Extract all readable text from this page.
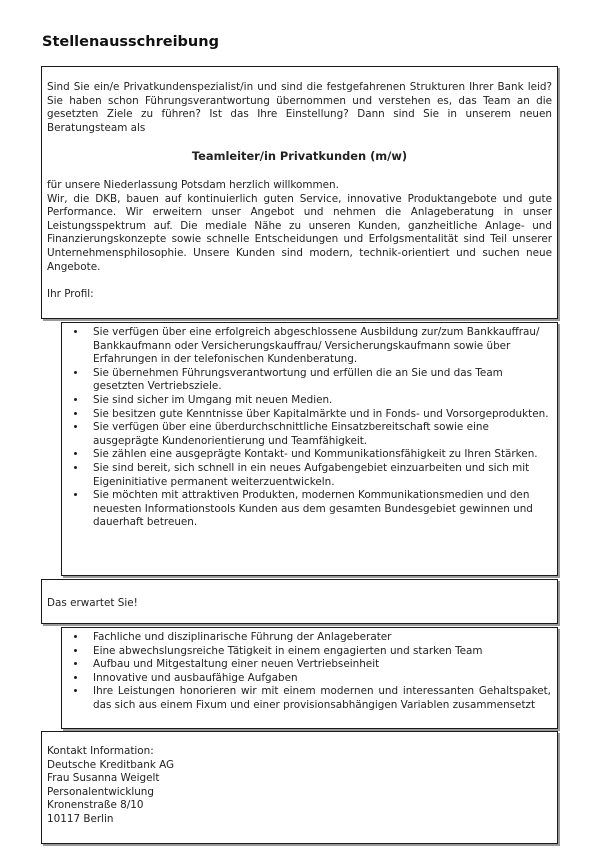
Stellenausschreibung

Sind Sie ein/e Privatkundenspezialist/in und sind die festgefahrenen Strukturen Ihrer Bank leid? Sie haben schon Führungsverantwortung übernommen und verstehen es, das Team an die gesetzten Ziele zu führen? Ist das Ihre Einstellung? Dann sind Sie in unserem neuen Beratungsteam als

Teamleiter/in Privatkunden (m/w)

für unsere Niederlassung Potsdam herzlich willkommen.

Wir, die DKB, bauen auf kontinuierlich guten Service, innovative Produktangebote und gute Performance. Wir erweitern unser Angebot und nehmen die Anlageberatung in unser Leistungsspektrum auf. Die mediale Nähe zu unseren Kunden, ganzheitliche Anlage- und Finanzierungskonzepte sowie schnelle Entscheidungen und Erfolgsmentalität sind Teil unserer Unternehmensphilosophie. Unsere Kunden sind modern, technik-orientiert und suchen neue Angebote.

Ihr Profil:

• Sie verfügen über eine erfolgreich abgeschlossene Ausbildung zur/zum Bankkauffrau/ Bankkaufmann oder Versicherungskauffrau/ Versicherungskaufmann sowie über Erfahrungen in der telefonischen Kundenberatung.
• Sie übernehmen Führungsverantwortung und erfüllen die an Sie und das Team gesetzten Vertriebsziele.
• Sie sind sicher im Umgang mit neuen Medien.
• Sie besitzen gute Kenntnisse über Kapitalmärkte und in Fonds- und Vorsorgeprodukten.
• Sie verfügen über eine überdurchschnittliche Einsatzbereitschaft sowie eine ausgeprägte Kundenorientierung und Teamfähigkeit.
• Sie zählen eine ausgeprägte Kontakt- und Kommunikationsfähigkeit zu Ihren Stärken.
• Sie sind bereit, sich schnell in ein neues Aufgabengebiet einzuarbeiten und sich mit Eigeninitiative permanent weiterzuentwickeln.
• Sie möchten mit attraktiven Produkten, modernen Kommunikationsmedien und den neuesten Informationstools Kunden aus dem gesamten Bundesgebiet gewinnen und dauerhaft betreuen.
Das erwartet Sie!
• Fachliche und disziplinarische Führung der Anlageberater
• Eine abwechslungsreiche Tätigkeit in einem engagierten und starken Team
• Aufbau und Mitgestaltung einer neuen Vertriebseinheit
• Innovative und ausbaufähige Aufgaben
• Ihre Leistungen honorieren wir mit einem modernen und interessanten Gehaltspaket, das sich aus einem Fixum und einer provisionsabhängigen Variablen zusammensetzt
Kontakt Information:
Deutsche Kreditbank AG
Frau Susanna Weigelt
Personalentwicklung
Kronenstraße 8/10
10117 Berlin
